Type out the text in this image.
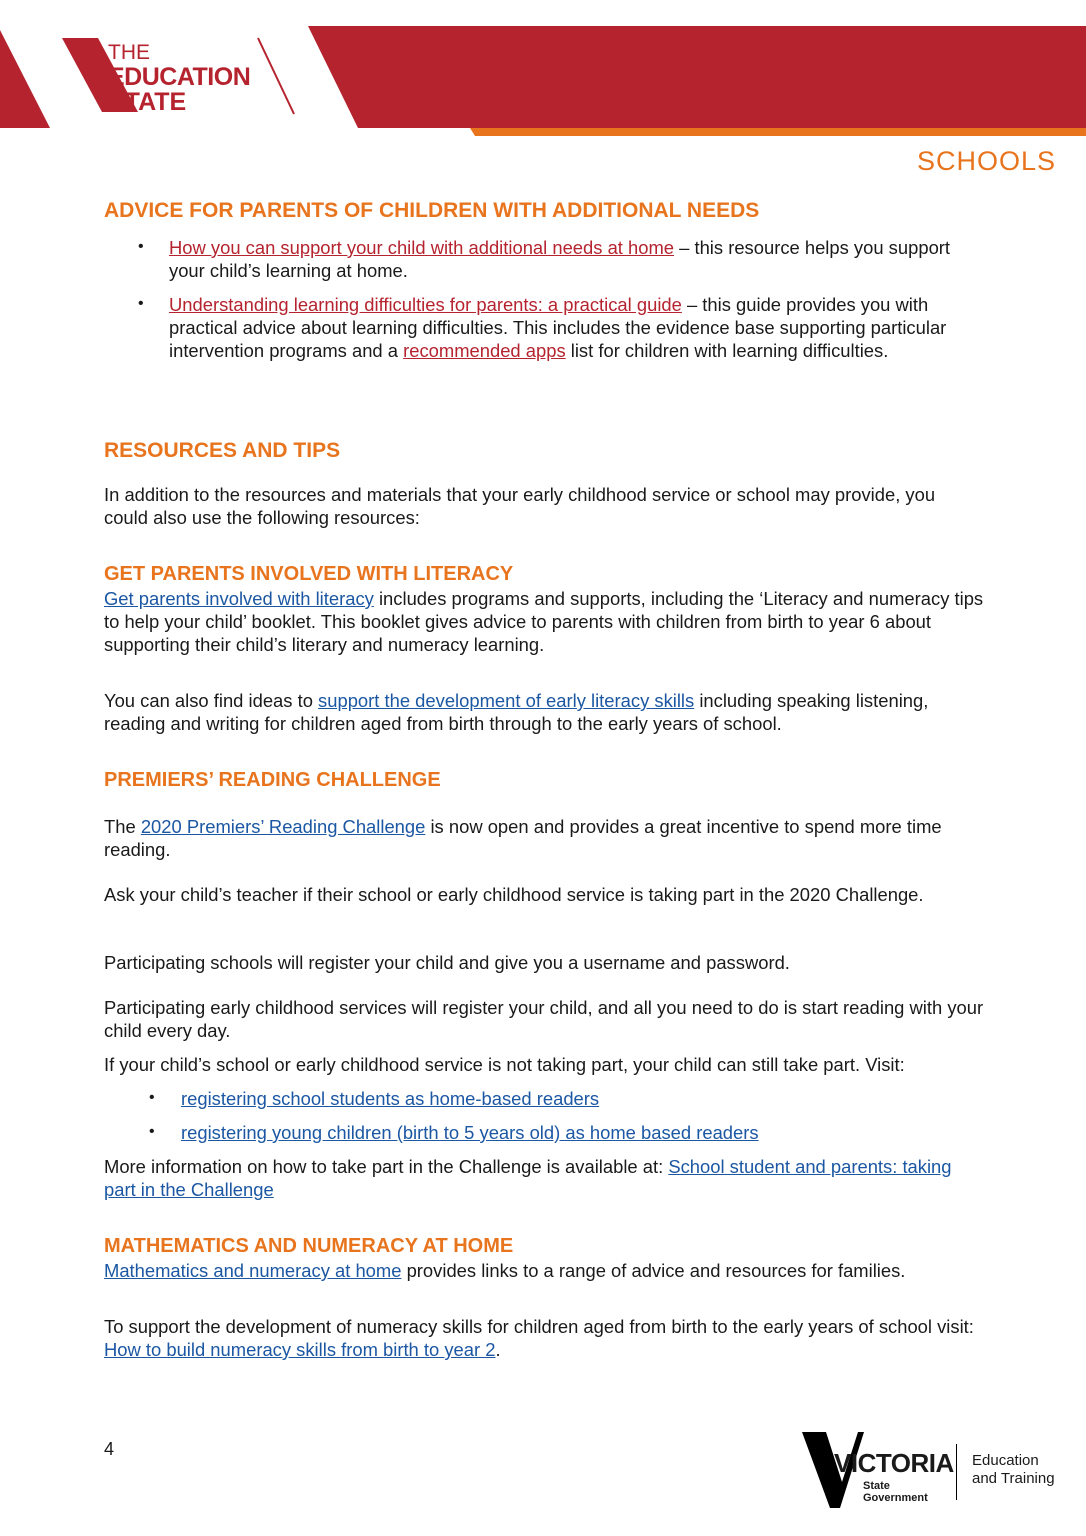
THE
EDUCATION
STATE
SCHOOLS
ADVICE FOR PARENTS OF CHILDREN WITH ADDITIONAL NEEDS
• How you can support your child with additional needs at home – this resource helps you support your child’s learning at home.
• Understanding learning difficulties for parents: a practical guide – this guide provides you with practical advice about learning difficulties. This includes the evidence base supporting particular intervention programs and a recommended apps list for children with learning difficulties.
RESOURCES AND TIPS

In addition to the resources and materials that your early childhood service or school may provide, you could also use the following resources:

GET PARENTS INVOLVED WITH LITERACY

Get parents involved with literacy includes programs and supports, including the ‘Literacy and numeracy tips to help your child’ booklet. This booklet gives advice to parents with children from birth to year 6 about supporting their child’s literary and numeracy learning.

You can also find ideas to support the development of early literacy skills including speaking listening, reading and writing for children aged from birth through to the early years of school.

PREMIERS’ READING CHALLENGE

The 2020 Premiers’ Reading Challenge is now open and provides a great incentive to spend more time reading.

Ask your child’s teacher if their school or early childhood service is taking part in the 2020 Challenge.

Participating schools will register your child and give you a username and password.

Participating early childhood services will register your child, and all you need to do is start reading with your child every day.

If your child’s school or early childhood service is not taking part, your child can still take part. Visit:

• registering school students as home-based readers
• registering young children (birth to 5 years old) as home based readers

More information on how to take part in the Challenge is available at: School student and parents: taking part in the Challenge

MATHEMATICS AND NUMERACY AT HOME

Mathematics and numeracy at home provides links to a range of advice and resources for families.

To support the development of numeracy skills for children aged from birth to the early years of school visit: How to build numeracy skills from birth to year 2.

4	VICTORIA
State
Government
Education
and Training
